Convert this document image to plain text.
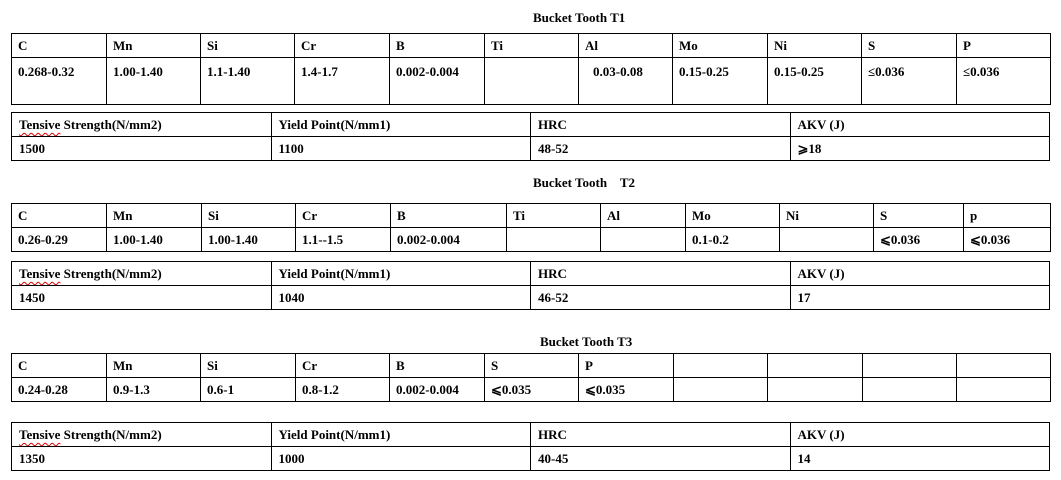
Bucket Tooth T1
C	Mn	Si	Cr	B	Ti	Al	Mo	Ni	S	P
0.268-0.32	1.00-1.40	1.1-1.40	1.4-1.7	0.002-0.004		0.03-0.08	0.15-0.25	0.15-0.25	≤0.036	≤0.036
Tensive Strength(N/mm2)	Yield Point(N/mm1)	HRC	AKV (J)
1500	1100	48-52	⩾18
Bucket Tooth    T2
C	Mn	Si	Cr	B	Ti	Al	Mo	Ni	S	p
0.26-0.29	1.00-1.40	1.00-1.40	1.1--1.5	0.002-0.004			0.1-0.2		⩽0.036	⩽0.036
Tensive Strength(N/mm2)	Yield Point(N/mm1)	HRC	AKV (J)
1450	1040	46-52	17
Bucket Tooth T3
C	Mn	Si	Cr	B	S	P				
0.24-0.28	0.9-1.3	0.6-1	0.8-1.2	0.002-0.004	⩽0.035	⩽0.035				
Tensive Strength(N/mm2)	Yield Point(N/mm1)	HRC	AKV (J)
1350	1000	40-45	14
